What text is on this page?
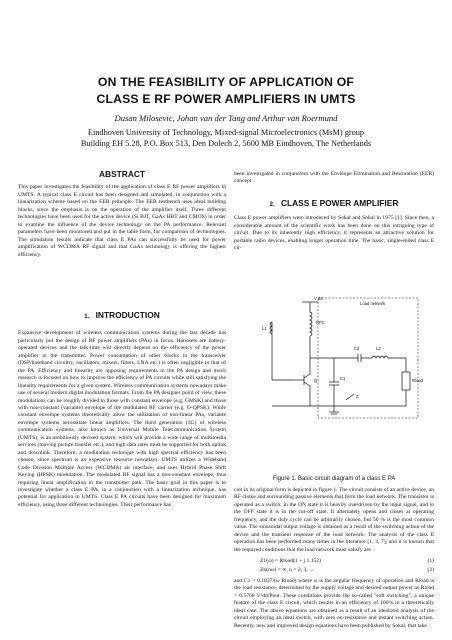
ON THE FEASIBILITY OF APPLICATION OF
CLASS E RF POWER AMPLIFIERS IN UMTS
Dusan Milosevic, Johan van der Tang and Arthur van Roermund
Eindhoven University of Technology, Mixed-signal Microelectronics (MsM) group
Building EH 5.28, P.O. Box 513, Den Dolech 2, 5600 MB Eindhoven, The Netherlands
ABSTRACT

This paper investigates the feasibility of the application of class E RF power amplifiers in UMTS. A typical class E circuit has been designed and simulated, in conjunction with a linearization scheme based on the EER principle. The EER testbench uses ideal building blocks, since the emphasis is on the operation of the amplifier itself. Three different technologies have been used for the active device (Si BJT, GaAs HBT and CMOS) in order to examine the influence of the device technology on the PA performance. Relevant parameters have been monitored and put in the table form, for comparison of technologies. The simulation results indicate that class E PAs can successfully be used for power amplification of WCDMA RF signal and that GaAs technology is offering the highest efficiency.

1. INTRODUCTION

Expansive development of wireless communication systems during the last decade has particularly put the design of RF power amplifiers (PAs) in focus. Handsets are battery-operated devices and the talk-time will directly depend on the efficiency of the power amplifier in the transmitter. Power consumption of other blocks in the transceiver (DSP/baseband circuitry, oscillators, mixers, filters, LNA etc.) is often negligible to that of the PA. Efficiency and linearity are opposing requirements in the PA design and much research is focused on how to improve the efficiency of PA circuits while still satisfying the linearity requirements for a given system. Wireless communication systems nowadays make use of several modern digital modulation formats. From the PA designer point of view, these modulations can be roughly divided to those with constant envelope (e.g. GMSK) and those with non-constant (variable) envelope of the modulated RF carrier (e.g. O-QPSK). While constant envelope systems theoretically allow the utilization of non-linear PAs, variable envelope systems necessitate linear amplifiers. The third generation (3G) of wireless communication systems, also known as Universal Mobile Telecommunication System (UMTS), is an ambitiously devised system, which will provide a wide range of multimedia services (moving picture transfer etc.), and high data rates must be supported for both uplink and downlink. Therefore, a modulation technique with high spectral efficiency has been chosen, since spectrum is an expensive resource nowadays. UMTS utilizes a Wideband Code Division Multiple Access (WCDMA) air interface, and uses Hybrid Phase Shift Keying (HPSK) modulation. The modulated RF signal has a non-constant envelope, thus requiring linear amplification in the transmitter path. The basic goal in this paper is to investigate whether a class E PA, in a conjunction with a linearization technique, has potential for application in UMTS. Class E PA circuits have been designed for maximum efficiency, using three different technologies. Their performance has

been investigated in conjunction with the Envelope Elimination and Restoration (EER) concept.

2. CLASS E POWER AMPLIFIER

Class E power amplifiers were introduced by Sokal and Sokal in 1975 [1]. Since then, a considerable amount of the scientific work has been done on this intriguing type of circuit. Due to its inherently high efficiency, it represents an attractive solution for portable radio devices, enabling longer operation time. The basic, single-ended class E cir-

V dd
L1
RFC
Load network
C2	L2
Q	C1	Rload
Z
Figure 1. Basic circuit diagram of a class E PA

cuit in its original form is depicted in figure 1. The circuit consists of an active device, an RF choke and surrounding passive elements that form the load network. The transistor is operated as a switch: in the ON state it is heavily overdriven by the input signal, and in the OFF state it is in the cut-off state. It alternately opens and closes at operating frequency, and the duty cycle can be arbitrarily chosen, but 50 % is the most common value. The sinusoidal output voltage is obtained as a result of the switching action of the device and the transient response of the load network. The analysis of the class E operation has been performed many times in the literature [1, 3, 7], and it is known that the required conditions that the load network must satisfy are

Z1(ω) = Rload(1 + j 1.152)	(1)
Zn(nω) = ∞, n = 2, 3, ...	(2)

and C1 = 0.1837/(ω Rload) where ω is the angular frequency of operation and Rload is the load resistance, determined by the supply voltage and desired output power as Rload = 0.5768 V²dd/Pout. These conditions provide the so-called "soft switching", a unique feature of the class E circuit, which results in an efficiency of 100% in a theoretically ideal case. The above equations are obtained as a result of an idealized analysis of the circuit employing an ideal switch, with zero on-resistance and instant switching action. Recently, new and improved design equations have been published by Sokal, that take
